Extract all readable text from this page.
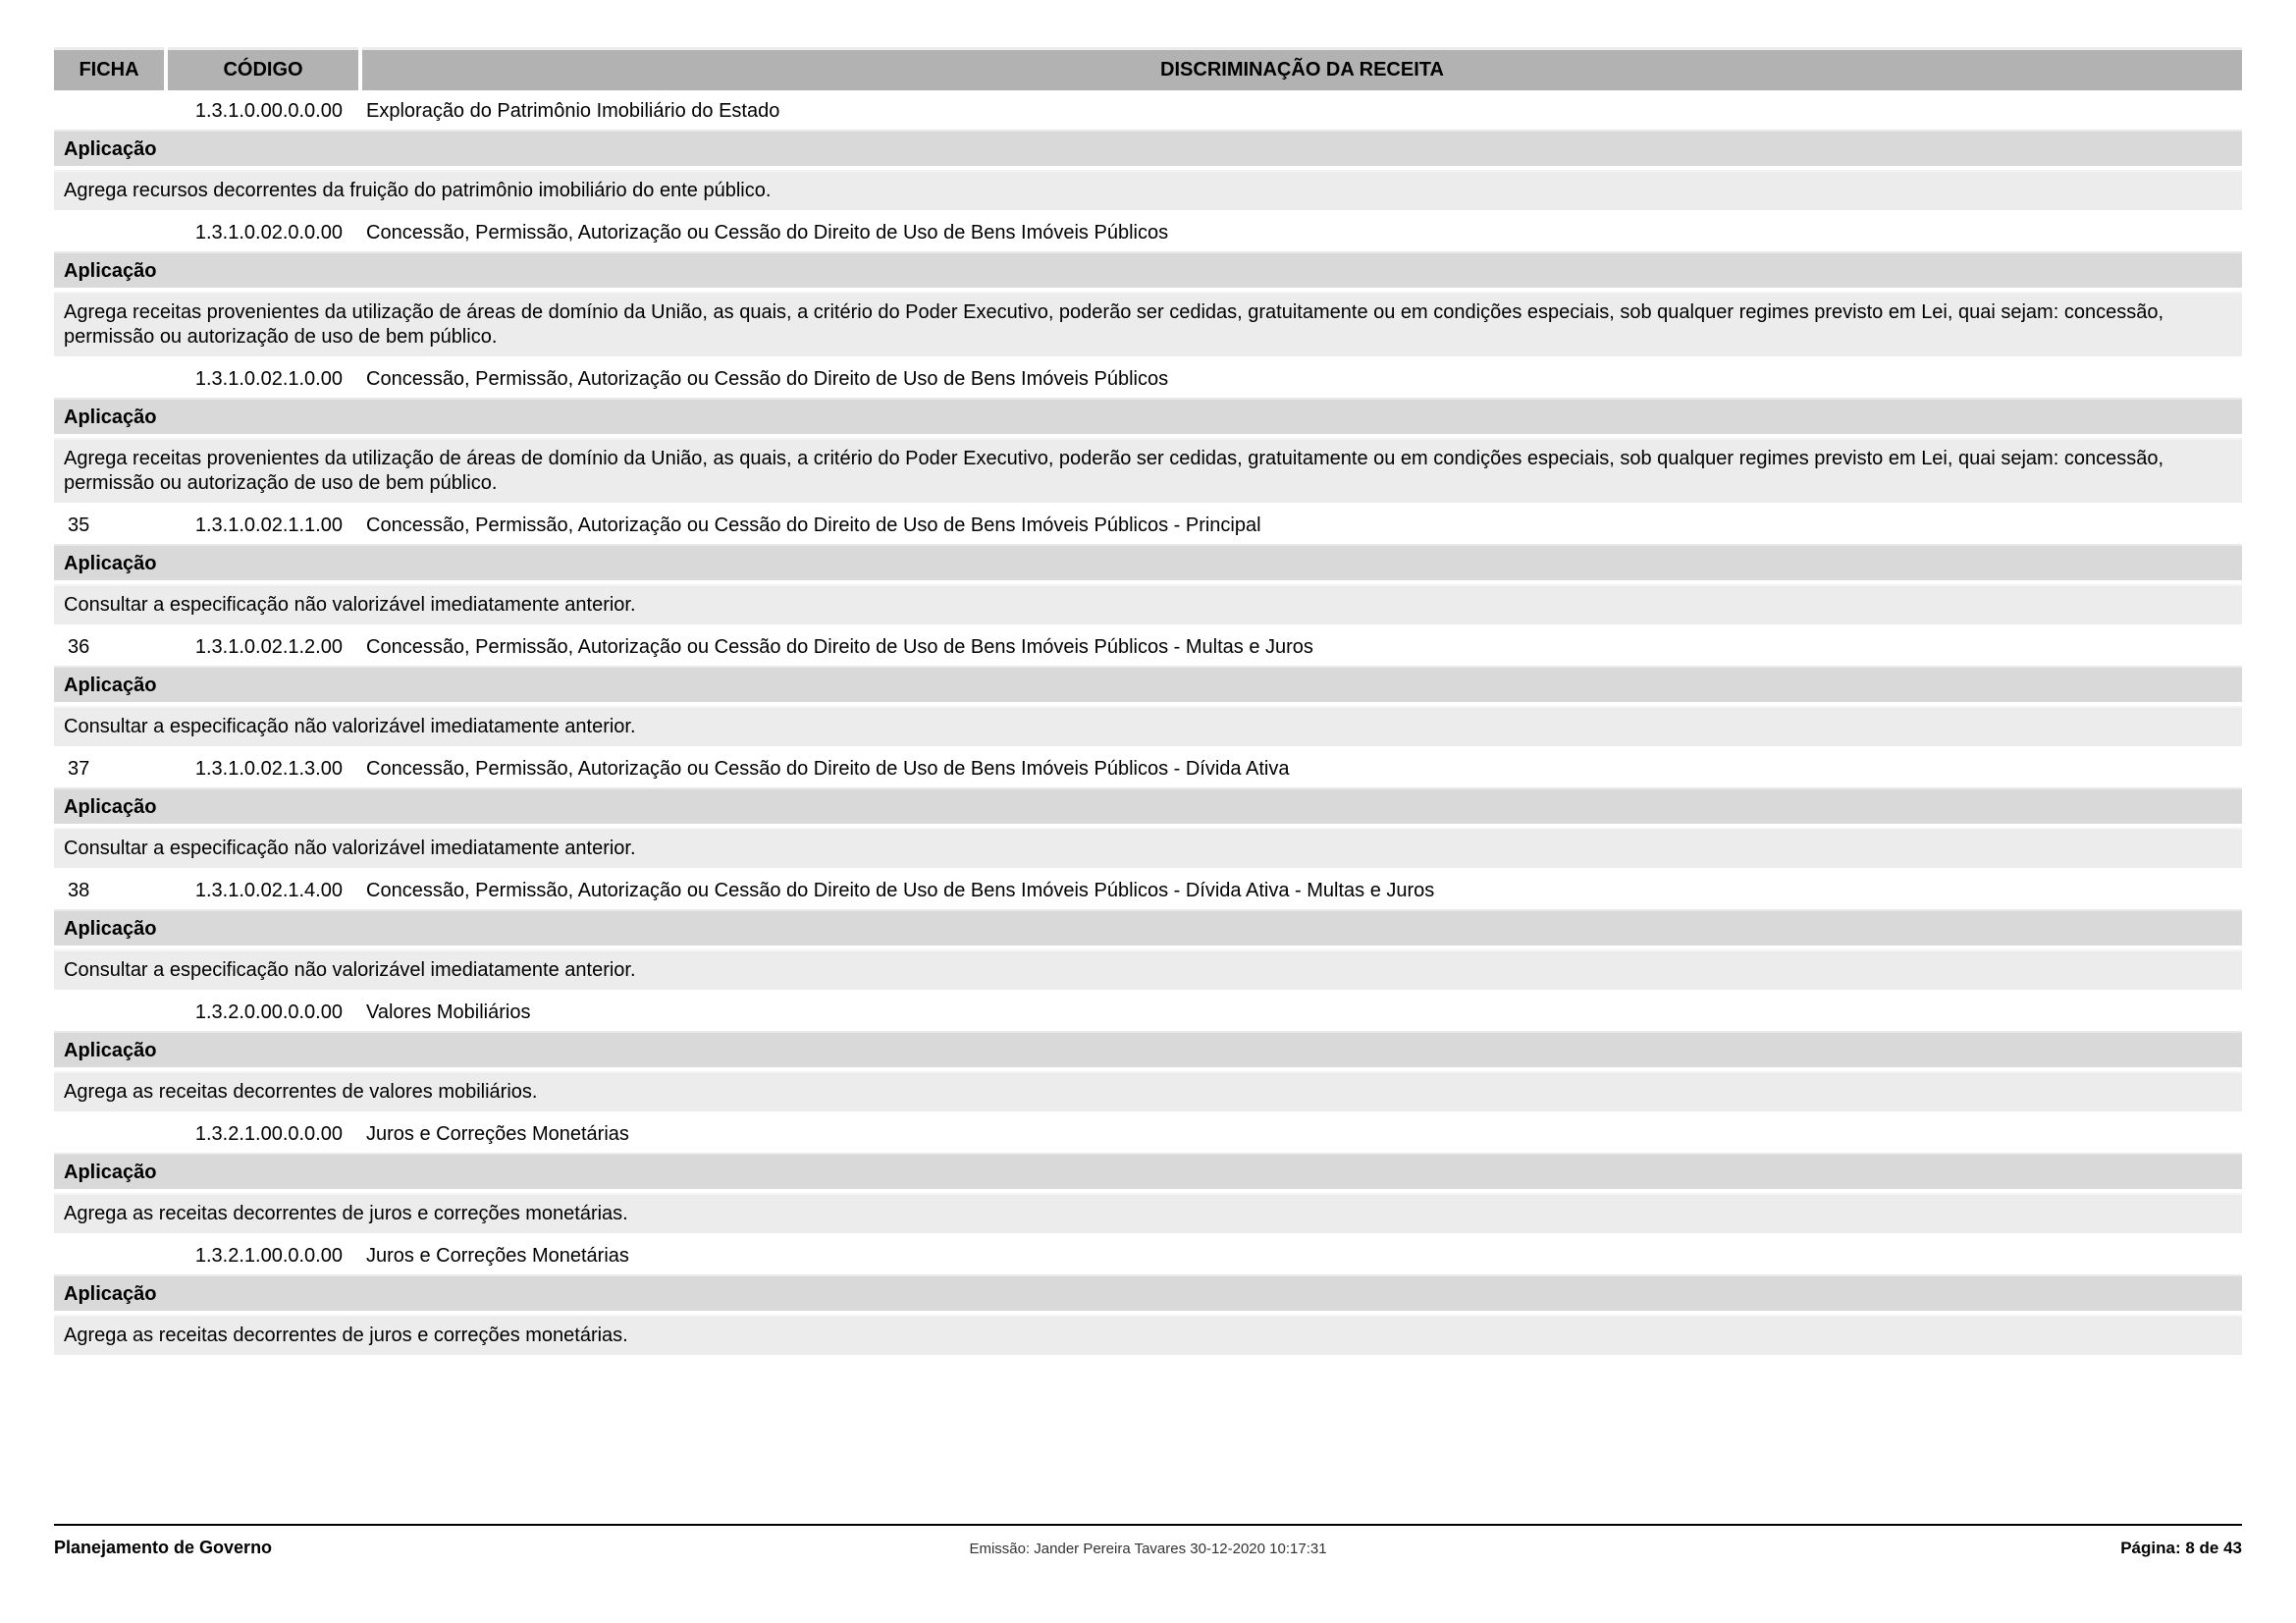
FICHA	CÓDIGO	DISCRIMINAÇÃO DA RECEITA
1.3.1.0.00.0.0.00	Exploração do Patrimônio Imobiliário do Estado
Aplicação
Agrega recursos decorrentes da fruição do patrimônio imobiliário do ente público.
1.3.1.0.02.0.0.00	Concessão, Permissão, Autorização ou Cessão do Direito de Uso de Bens Imóveis Públicos
Aplicação
Agrega receitas provenientes da utilização de áreas de domínio da União, as quais, a critério do Poder Executivo, poderão ser cedidas, gratuitamente ou em condições especiais, sob qualquer regimes previsto em Lei, quai sejam: concessão, permissão ou autorização de uso de bem público.
1.3.1.0.02.1.0.00	Concessão, Permissão, Autorização ou Cessão do Direito de Uso de Bens Imóveis Públicos
Aplicação
Agrega receitas provenientes da utilização de áreas de domínio da União, as quais, a critério do Poder Executivo, poderão ser cedidas, gratuitamente ou em condições especiais, sob qualquer regimes previsto em Lei, quai sejam: concessão, permissão ou autorização de uso de bem público.
35	1.3.1.0.02.1.1.00	Concessão, Permissão, Autorização ou Cessão do Direito de Uso de Bens Imóveis Públicos - Principal
Aplicação
Consultar a especificação não valorizável imediatamente anterior.
36	1.3.1.0.02.1.2.00	Concessão, Permissão, Autorização ou Cessão do Direito de Uso de Bens Imóveis Públicos - Multas e Juros
Aplicação
Consultar a especificação não valorizável imediatamente anterior.
37	1.3.1.0.02.1.3.00	Concessão, Permissão, Autorização ou Cessão do Direito de Uso de Bens Imóveis Públicos - Dívida Ativa
Aplicação
Consultar a especificação não valorizável imediatamente anterior.
38	1.3.1.0.02.1.4.00	Concessão, Permissão, Autorização ou Cessão do Direito de Uso de Bens Imóveis Públicos - Dívida Ativa - Multas e Juros
Aplicação
Consultar a especificação não valorizável imediatamente anterior.
1.3.2.0.00.0.0.00	Valores Mobiliários
Aplicação
Agrega as receitas decorrentes de valores mobiliários.
1.3.2.1.00.0.0.00	Juros e Correções Monetárias
Aplicação
Agrega as receitas decorrentes de juros e correções monetárias.
1.3.2.1.00.0.0.00	Juros e Correções Monetárias
Aplicação
Agrega as receitas decorrentes de juros e correções monetárias.
Planejamento de Governo	Emissão: Jander Pereira Tavares 30-12-2020 10:17:31	Página: 8 de 43
